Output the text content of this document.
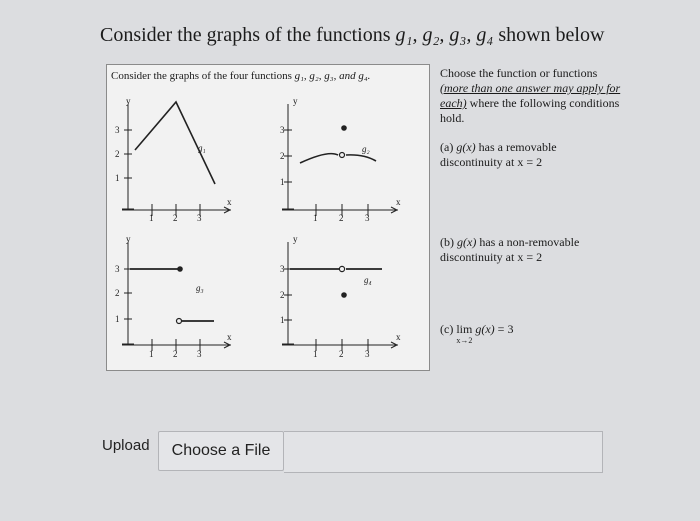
Consider the graphs of the functions g₁, g₂, g₃, g₄ shown below
Consider the graphs of the four functions g₁, g₂, g₃, and g₄.
y
x
1 2 3
1
2
3
g₁
y
x
1 2 3
1
2
3
g₂
y
x
1 2 3
1
2
3
g₃
y
x
1 2 3
1
2
3
g₄
Choose the function or functions (more than one answer may apply for each) where the following conditions hold.
(a) g(x) has a removable discontinuity at x = 2
(b) g(x) has a non-removable discontinuity at x = 2
(c) lim
x→2
g(x) = 3
Upload	Choose a File
